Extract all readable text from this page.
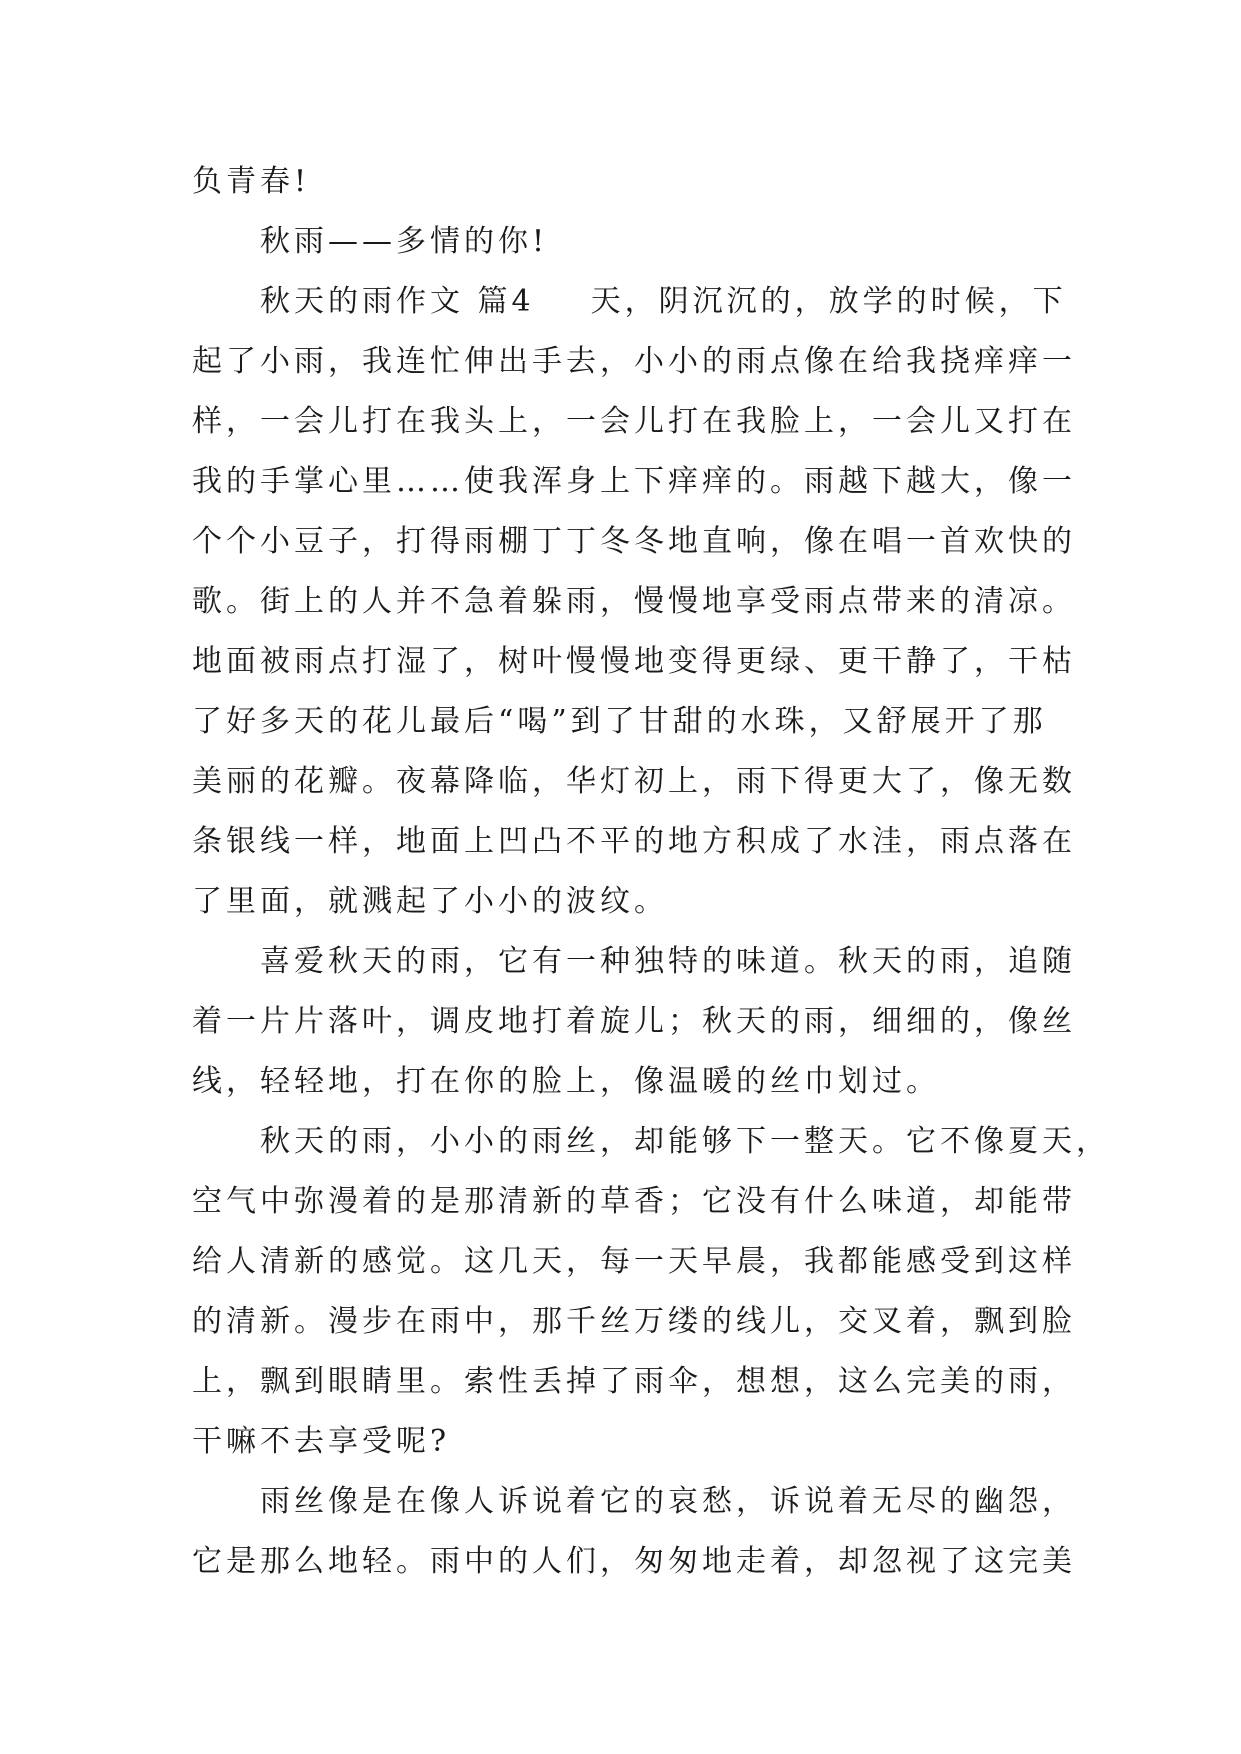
负青春!
秋雨——多情的你!
秋天的雨作文 篇4 天，阴沉沉的，放学的时候，下
起了小雨，我连忙伸出手去，小小的雨点像在给我挠痒痒一
样，一会儿打在我头上，一会儿打在我脸上，一会儿又打在
我的手掌心里……使我浑身上下痒痒的。雨越下越大，像一
个个小豆子，打得雨棚丁丁冬冬地直响，像在唱一首欢快的
歌。街上的人并不急着躲雨，慢慢地享受雨点带来的清凉。
地面被雨点打湿了，树叶慢慢地变得更绿、更干静了，干枯
了好多天的花儿最后“喝”到了甘甜的水珠，又舒展开了那
美丽的花瓣。夜幕降临，华灯初上，雨下得更大了，像无数
条银线一样，地面上凹凸不平的地方积成了水洼，雨点落在
了里面，就溅起了小小的波纹。
喜爱秋天的雨，它有一种独特的味道。秋天的雨，追随
着一片片落叶，调皮地打着旋儿；秋天的雨，细细的，像丝
线，轻轻地，打在你的脸上，像温暖的丝巾划过。
秋天的雨，小小的雨丝，却能够下一整天。它不像夏天，
空气中弥漫着的是那清新的草香；它没有什么味道，却能带
给人清新的感觉。这几天，每一天早晨，我都能感受到这样
的清新。漫步在雨中，那千丝万缕的线儿，交叉着，飘到脸
上，飘到眼睛里。索性丢掉了雨伞，想想，这么完美的雨，
干嘛不去享受呢?
雨丝像是在像人诉说着它的哀愁，诉说着无尽的幽怨，
它是那么地轻。雨中的人们，匆匆地走着，却忽视了这完美
